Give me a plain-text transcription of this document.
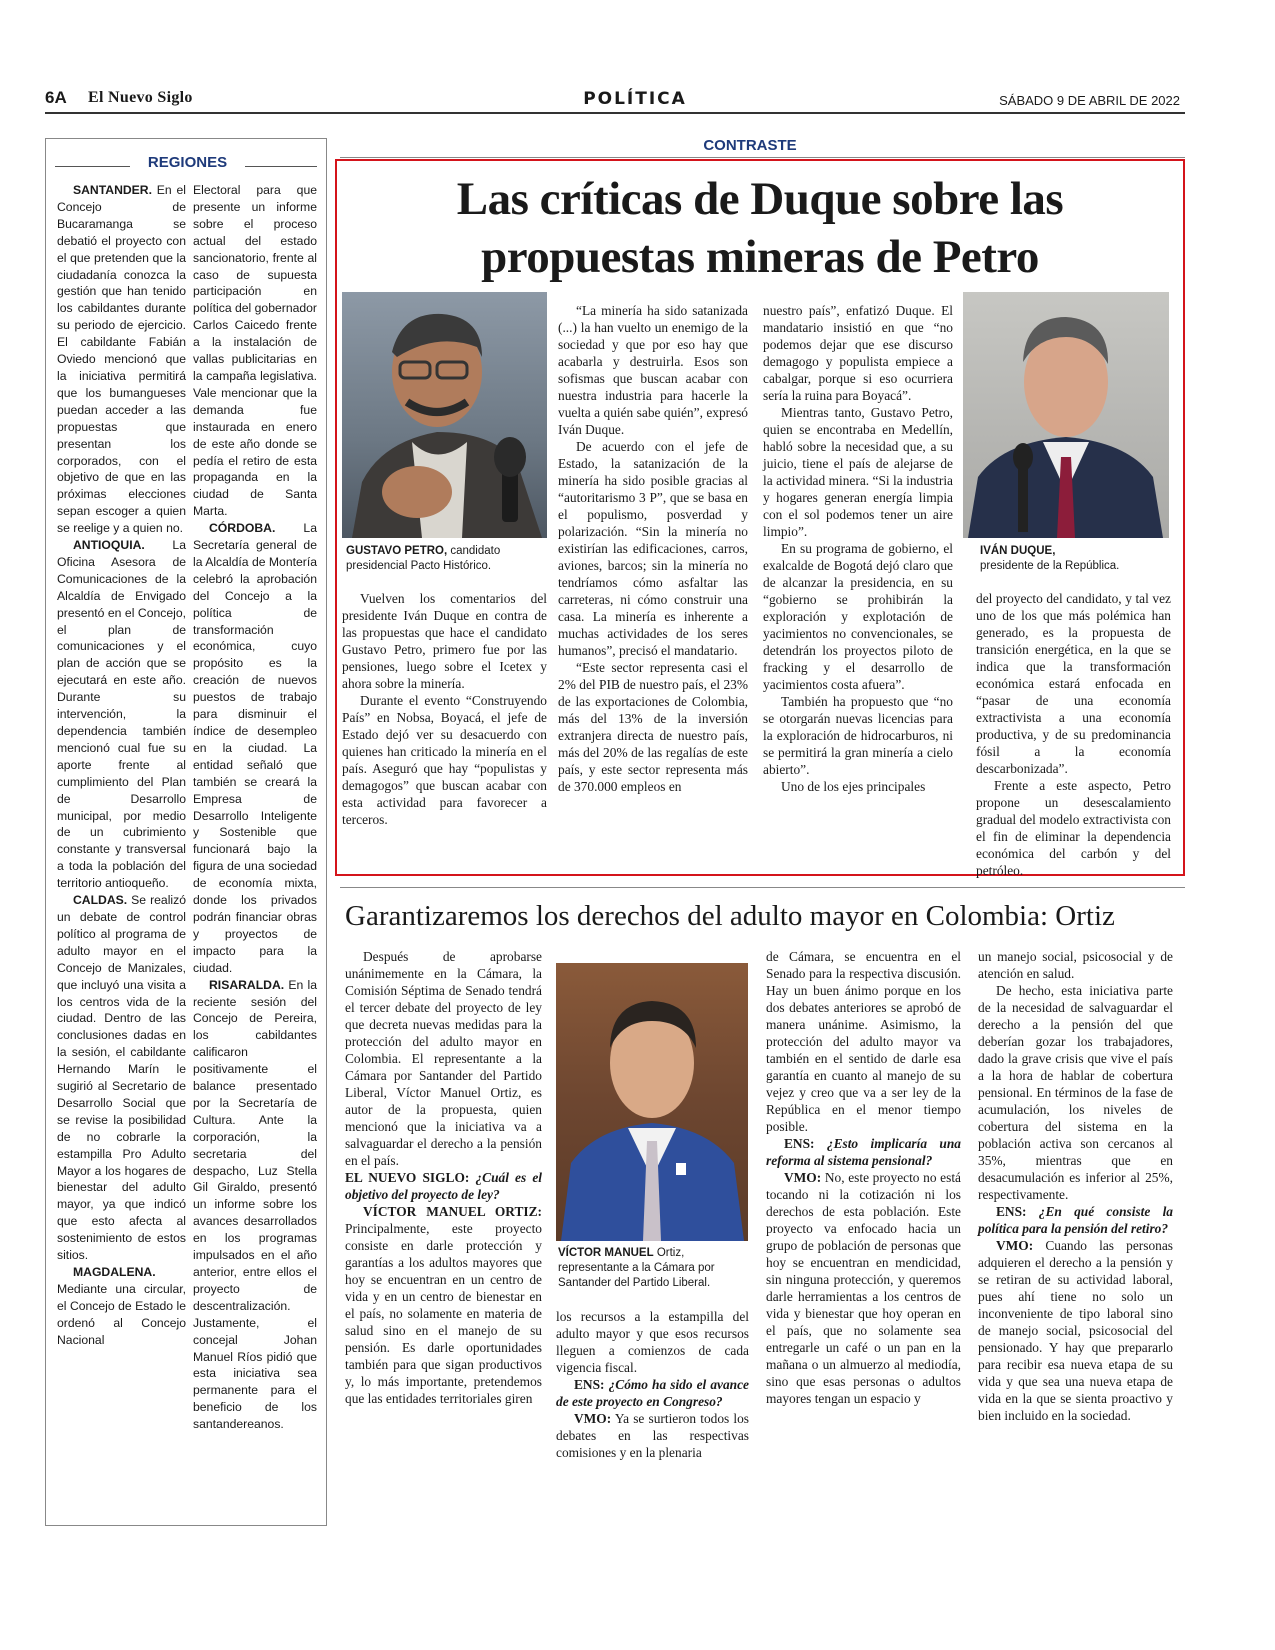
6A El Nuevo Siglo	POLÍTICA	SÁBADO 9 DE ABRIL DE 2022
REGIONES

SANTANDER. En el Concejo de Bucaramanga se debatió el proyecto con el que pretenden que la ciudadanía conozca la gestión que han tenido los cabildantes durante su periodo de ejercicio. El cabildante Fabián Oviedo mencionó que la iniciativa permitirá que los bumangueses puedan acceder a las propuestas que presentan los corporados, con el objetivo de que en las próximas elecciones sepan escoger a quien se reelige y a quien no.

ANTIOQUIA. La Oficina Asesora de Comunicaciones de la Alcaldía de Envigado presentó en el Concejo, el plan de comunicaciones y el plan de acción que se ejecutará en este año. Durante su intervención, la dependencia también mencionó cual fue su aporte frente al cumplimiento del Plan de Desarrollo municipal, por medio de un cubrimiento constante y transversal a toda la población del territorio antioqueño.

CALDAS. Se realizó un debate de control político al programa de adulto mayor en el Concejo de Manizales, que incluyó una visita a los centros vida de la ciudad. Dentro de las conclusiones dadas en la sesión, el cabildante Hernando Marín le sugirió al Secretario de Desarrollo Social que se revise la posibilidad de no cobrarle la estampilla Pro Adulto Mayor a los hogares de bienestar del adulto mayor, ya que indicó que esto afecta al sostenimiento de estos sitios.

MAGDALENA. Mediante una circular, el Concejo de Estado le ordenó al Concejo Nacional

Electoral para que presente un informe sobre el proceso actual del estado sancionatorio, frente al caso de supuesta participación en política del gobernador Carlos Caicedo frente a la instalación de vallas publicitarias en la campaña legislativa. Vale mencionar que la demanda fue instaurada en enero de este año donde se pedía el retiro de esta propaganda en la ciudad de Santa Marta.

CÓRDOBA. La Secretaría general de la Alcaldía de Montería celebró la aprobación del Concejo a la política de transformación económica, cuyo propósito es la creación de nuevos puestos de trabajo para disminuir el índice de desempleo en la ciudad. La entidad señaló que también se creará la Empresa de Desarrollo Inteligente y Sostenible que funcionará bajo la figura de una sociedad de economía mixta, donde los privados podrán financiar obras y proyectos de impacto para la ciudad.

RISARALDA. En la reciente sesión del Concejo de Pereira, los cabildantes calificaron positivamente el balance presentado por la Secretaría de Cultura. Ante la corporación, la secretaria del despacho, Luz Stella Gil Giraldo, presentó un informe sobre los avances desarrollados en los programas impulsados en el año anterior, entre ellos el proyecto de descentralización. Justamente, el concejal Johan Manuel Ríos pidió que esta iniciativa sea permanente para el beneficio de los santandereanos.

CONTRASTE
Las críticas de Duque sobre las
propuestas mineras de Petro
GUSTAVO PETRO, candidato presidencial Pacto Histórico.
IVÁN DUQUE,
presidente de la República.

Vuelven los comentarios del presidente Iván Duque en contra de las propuestas que hace el candidato Gustavo Petro, primero fue por las pensiones, luego sobre el Icetex y ahora sobre la minería.

Durante el evento “Construyendo País” en Nobsa, Boyacá, el jefe de Estado dejó ver su desacuerdo con quienes han criticado la minería en el país. Aseguró que hay “populistas y demagogos” que buscan acabar con esta actividad para favorecer a terceros.

“La minería ha sido satanizada (...) la han vuelto un enemigo de la sociedad y que por eso hay que acabarla y destruirla. Esos son sofismas que buscan acabar con nuestra industria para hacerle la vuelta a quién sabe quién”, expresó Iván Duque.

De acuerdo con el jefe de Estado, la satanización de la minería ha sido posible gracias al “autoritarismo 3 P”, que se basa en el populismo, posverdad y polarización. “Sin la minería no existirían las edificaciones, carros, aviones, barcos; sin la minería no tendríamos cómo asfaltar las carreteras, ni cómo construir una casa. La minería es inherente a muchas actividades de los seres humanos”, precisó el mandatario.

“Este sector representa casi el 2% del PIB de nuestro país, el 23% de las exportaciones de Colombia, más del 13% de la inversión extranjera directa de nuestro país, más del 20% de las regalías de este país, y este sector representa más de 370.000 empleos en

nuestro país”, enfatizó Duque. El mandatario insistió en que “no podemos dejar que ese discurso demagogo y populista empiece a cabalgar, porque si eso ocurriera sería la ruina para Boyacá”.

Mientras tanto, Gustavo Petro, quien se encontraba en Medellín, habló sobre la necesidad que, a su juicio, tiene el país de alejarse de la actividad minera. “Si la industria y hogares generan energía limpia con el sol podemos tener un aire limpio”.

En su programa de gobierno, el exalcalde de Bogotá dejó claro que de alcanzar la presidencia, en su “gobierno se prohibirán la exploración y explotación de yacimientos no convencionales, se detendrán los proyectos piloto de fracking y el desarrollo de yacimientos costa afuera”.

También ha propuesto que “no se otorgarán nuevas licencias para la exploración de hidrocarburos, ni se permitirá la gran minería a cielo abierto”.

Uno de los ejes principales

del proyecto del candidato, y tal vez uno de los que más polémica han generado, es la propuesta de transición energética, en la que se indica que la transformación económica estará enfocada en “pasar de una economía extractivista a una economía productiva, y de su predominancia fósil a la economía descarbonizada”.

Frente a este aspecto, Petro propone un desescalamiento gradual del modelo extractivista con el fin de eliminar la dependencia económica del carbón y del petróleo.

Garantizaremos los derechos del adulto mayor en Colombia: Ortiz

Después de aprobarse unánimemente en la Cámara, la Comisión Séptima de Senado tendrá el tercer debate del proyecto de ley que decreta nuevas medidas para la protección del adulto mayor en Colombia. El representante a la Cámara por Santander del Partido Liberal, Víctor Manuel Ortiz, es autor de la propuesta, quien mencionó que la iniciativa va a salvaguardar el derecho a la pensión en el país.

EL NUEVO SIGLO: ¿Cuál es el objetivo del proyecto de ley?

VÍCTOR MANUEL ORTIZ: Principalmente, este proyecto consiste en darle protección y garantías a los adultos mayores que hoy se encuentran en un centro de vida y en un centro de bienestar en el país, no solamente en materia de salud sino en el manejo de su pensión. Es darle oportunidades también para que sigan productivos y, lo más importante, pretendemos que las entidades territoriales giren

VÍCTOR MANUEL Ortiz, representante a la Cámara por Santander del Partido Liberal.

los recursos a la estampilla del adulto mayor y que esos recursos lleguen a comienzos de cada vigencia fiscal.

ENS: ¿Cómo ha sido el avance de este proyecto en Congreso?

VMO: Ya se surtieron todos los debates en las respectivas comisiones y en la plenaria

de Cámara, se encuentra en el Senado para la respectiva discusión. Hay un buen ánimo porque en los dos debates anteriores se aprobó de manera unánime. Asimismo, la protección del adulto mayor va también en el sentido de darle esa garantía en cuanto al manejo de su vejez y creo que va a ser ley de la República en el menor tiempo posible.

ENS: ¿Esto implicaría una reforma al sistema pensional?

VMO: No, este proyecto no está tocando ni la cotización ni los derechos de esta población. Este proyecto va enfocado hacia un grupo de población de personas que hoy se encuentran en mendicidad, sin ninguna protección, y queremos darle herramientas a los centros de vida y bienestar que hoy operan en el país, que no solamente sea entregarle un café o un pan en la mañana o un almuerzo al mediodía, sino que esas personas o adultos mayores tengan un espacio y

un manejo social, psicosocial y de atención en salud.

De hecho, esta iniciativa parte de la necesidad de salvaguardar el derecho a la pensión del que deberían gozar los trabajadores, dado la grave crisis que vive el país a la hora de hablar de cobertura pensional. En términos de la fase de acumulación, los niveles de cobertura del sistema en la población activa son cercanos al 35%, mientras que en desacumulación es inferior al 25%, respectivamente.

ENS: ¿En qué consiste la política para la pensión del retiro?

VMO: Cuando las personas adquieren el derecho a la pensión y se retiran de su actividad laboral, pues ahí tiene no solo un inconveniente de tipo laboral sino de manejo social, psicosocial del pensionado. Y hay que prepararlo para recibir esa nueva etapa de su vida y que sea una nueva etapa de vida en la que se sienta proactivo y bien incluido en la sociedad.
